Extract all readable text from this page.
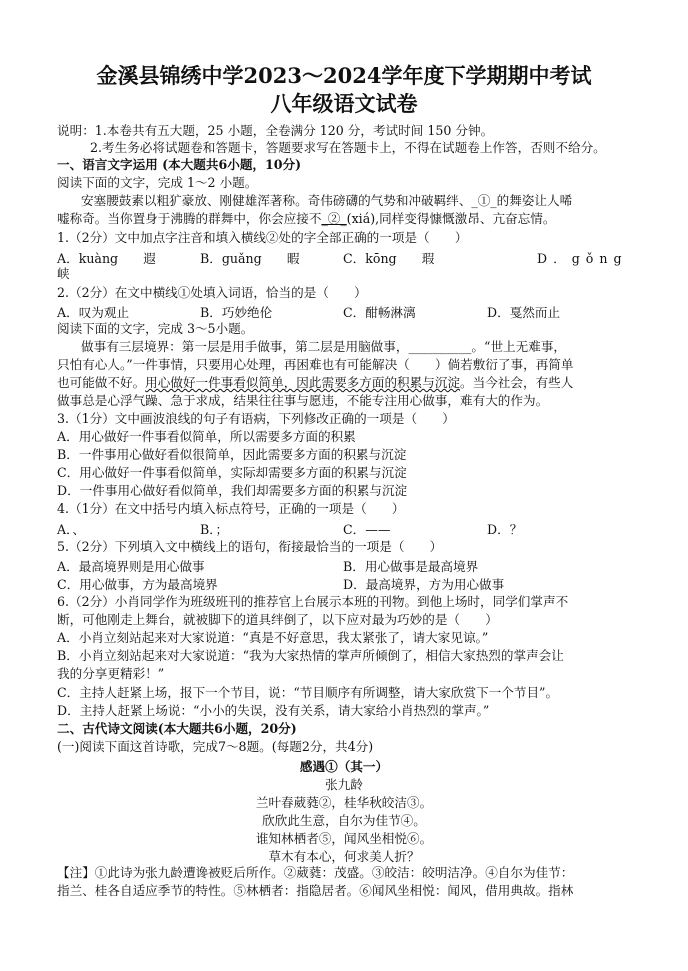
金溪县锦绣中学2023～2024学年度下学期期中考试
八年级语文试卷
说明：1.本卷共有五大题，25 小题，全卷满分 120 分，考试时间 150 分钟。
2.考生务必将试题卷和答题卡，答题要求写在答题卡上，不得在试题卷上作答，否则不给分。
一、语言文字运用 (本大题共6小题，10分)
阅读下面的文字，完成 1～2 小题。
安塞腰鼓素以粗犷豪放、刚健雄浑著称。奇伟磅礴的气势和冲破羁绊、_①_的舞姿让人唏
嘘称奇。当你置身于沸腾的群舞中，你会应接不_②_(xiá),同样变得慷慨激昂、亢奋忘情。
1.（2分）文中加点字注音和填入横线②处的字全部正确的一项是（　　）
A．kuàng　　遐	B．guǎng　　暇	C．kōng　　瑕	D．gǒng
峡
2.（2分）在文中横线①处填入词语，恰当的是（　　）
A．叹为观止	B．巧妙绝伦	C．酣畅淋漓	D．戛然而止
阅读下面的文字，完成 3～5小题。
做事有三层境界：第一层是用手做事，第二层是用脑做事，__________。“世上无难事，
只怕有心人。”一件事情，只要用心处理，再困难也有可能解决（　　）倘若敷衍了事，再简单
也可能做不好。用心做好一件事看似简单，因此需要多方面的积累与沉淀。当今社会，有些人
做事总是心浮气躁、急于求成，结果往往事与愿违，不能专注用心做事，难有大的作为。
3.（1分）文中画波浪线的句子有语病，下列修改正确的一项是（　　）
A．用心做好一件事看似简单，所以需要多方面的积累
B．一件事用心做好看似很简单，因此需要多方面的积累与沉淀
C．用心做好一件事看似简单，实际却需要多方面的积累与沉淀
D．一件事用心做好看似简单，我们却需要多方面的积累与沉淀
4.（1分）在文中括号内填入标点符号，正确的一项是（　　）
A．、	B．；	C．——	D．？
5.（2分）下列填入文中横线上的语句，衔接最恰当的一项是（　　）
A．最高境界则是用心做事	B．用心做事是最高境界
C．用心做事，方为最高境界	D．最高境界，方为用心做事
6.（2分）小肖同学作为班级班刊的推荐官上台展示本班的刊物。到他上场时，同学们掌声不
断，可他刚走上舞台，就被脚下的道具绊倒了，以下应对最为巧妙的是（　　）
A．小肖立刻站起来对大家说道：“真是不好意思，我太紧张了，请大家见谅。”
B．小肖立刻站起来对大家说道：“我为大家热情的掌声所倾倒了，相信大家热烈的掌声会让
我的分享更精彩！”
C．主持人赶紧上场，报下一个节目，说：“节目顺序有所调整，请大家欣赏下一个节目”。
D．主持人赶紧上场说：“小小的失误，没有关系，请大家给小肖热烈的掌声。”
二、古代诗文阅读(本大题共6小题，20分)
(一)阅读下面这首诗歌，完成7～8题。(每题2分，共4分)
感遇①（其一）
张九龄
兰叶春葳蕤②，桂华秋皎洁③。
欣欣此生意，自尔为佳节④。
谁知林栖者⑤，闻风坐相悦⑥。
草木有本心，何求美人折？
【注】①此诗为张九龄遭谗被贬后所作。②葳蕤：茂盛。③皎洁：皎明洁净。④自尔为佳节：
指兰、桂各自适应季节的特性。⑤林栖者：指隐居者。⑥闻风坐相悦：闻风，借用典故。指林
